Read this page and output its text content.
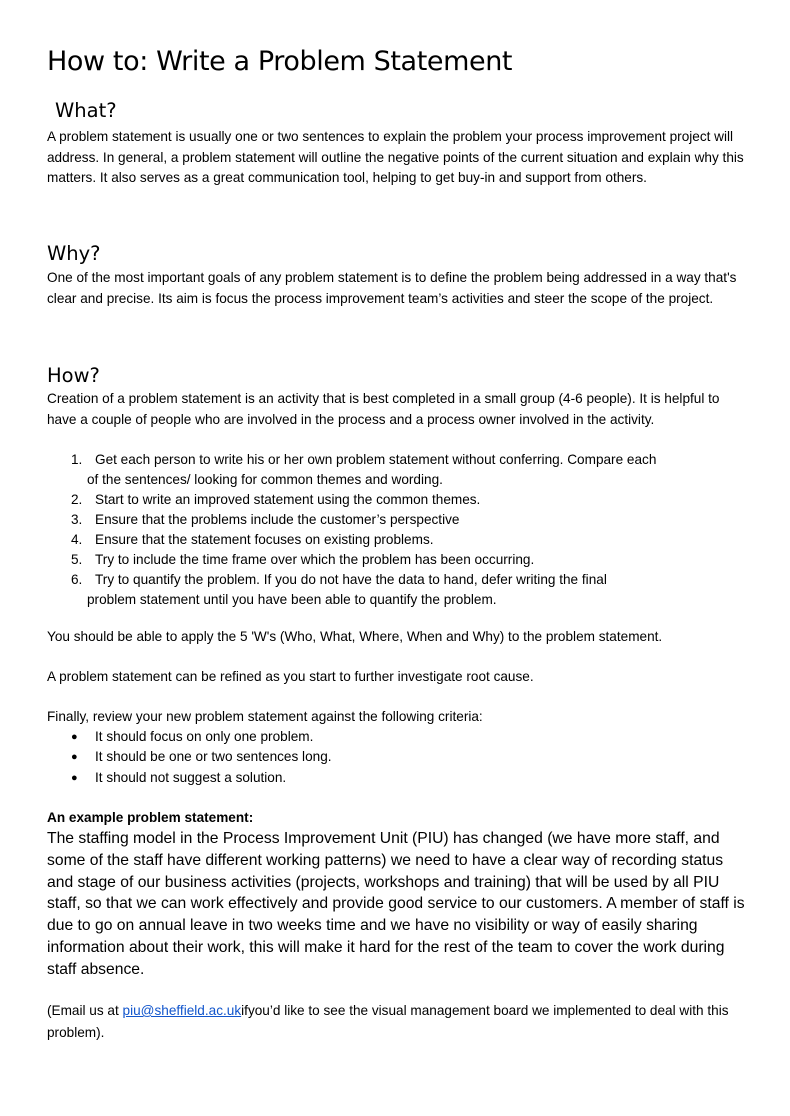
How to: Write a Problem Statement
What?

A problem statement is usually one or two sentences to explain the problem your process improvement project will address. In general, a problem statement will outline the negative points of the current situation and explain why this matters. It also serves as a great communication tool, helping to get buy-in and support from others.

Why?

One of the most important goals of any problem statement is to define the problem being addressed in a way that's clear and precise. Its aim is focus the process improvement team’s activities and steer the scope of the project.

How?

Creation of a problem statement is an activity that is best completed in a small group (4-6 people). It is helpful to have a couple of people who are involved in the process and a process owner involved in the activity.

1. Get each person to write his or her own problem statement without conferring. Compare each
of the sentences/ looking for common themes and wording.
2. Start to write an improved statement using the common themes.
3. Ensure that the problems include the customer’s perspective
4. Ensure that the statement focuses on existing problems.
5. Try to include the time frame over which the problem has been occurring.
6. Try to quantify the problem. If you do not have the data to hand, defer writing the final
problem statement until you have been able to quantify the problem.

You should be able to apply the 5 'W's (Who, What, Where, When and Why) to the problem statement.

A problem statement can be refined as you start to further investigate root cause.

Finally, review your new problem statement against the following criteria:

● It should focus on only one problem.
● It should be one or two sentences long.
● It should not suggest a solution.

An example problem statement:

The staffing model in the Process Improvement Unit (PIU) has changed (we have more staff, and some of the staff have different working patterns) we need to have a clear way of recording status and stage of our business activities (projects, workshops and training) that will be used by all PIU staff, so that we can work effectively and provide good service to our customers. A member of staff is due to go on annual leave in two weeks time and we have no visibility or way of easily sharing information about their work, this will make it hard for the rest of the team to cover the work during staff absence.

(Email us at piu@sheffield.ac.ukifyou’d like to see the visual management board we implemented to deal with this problem).
